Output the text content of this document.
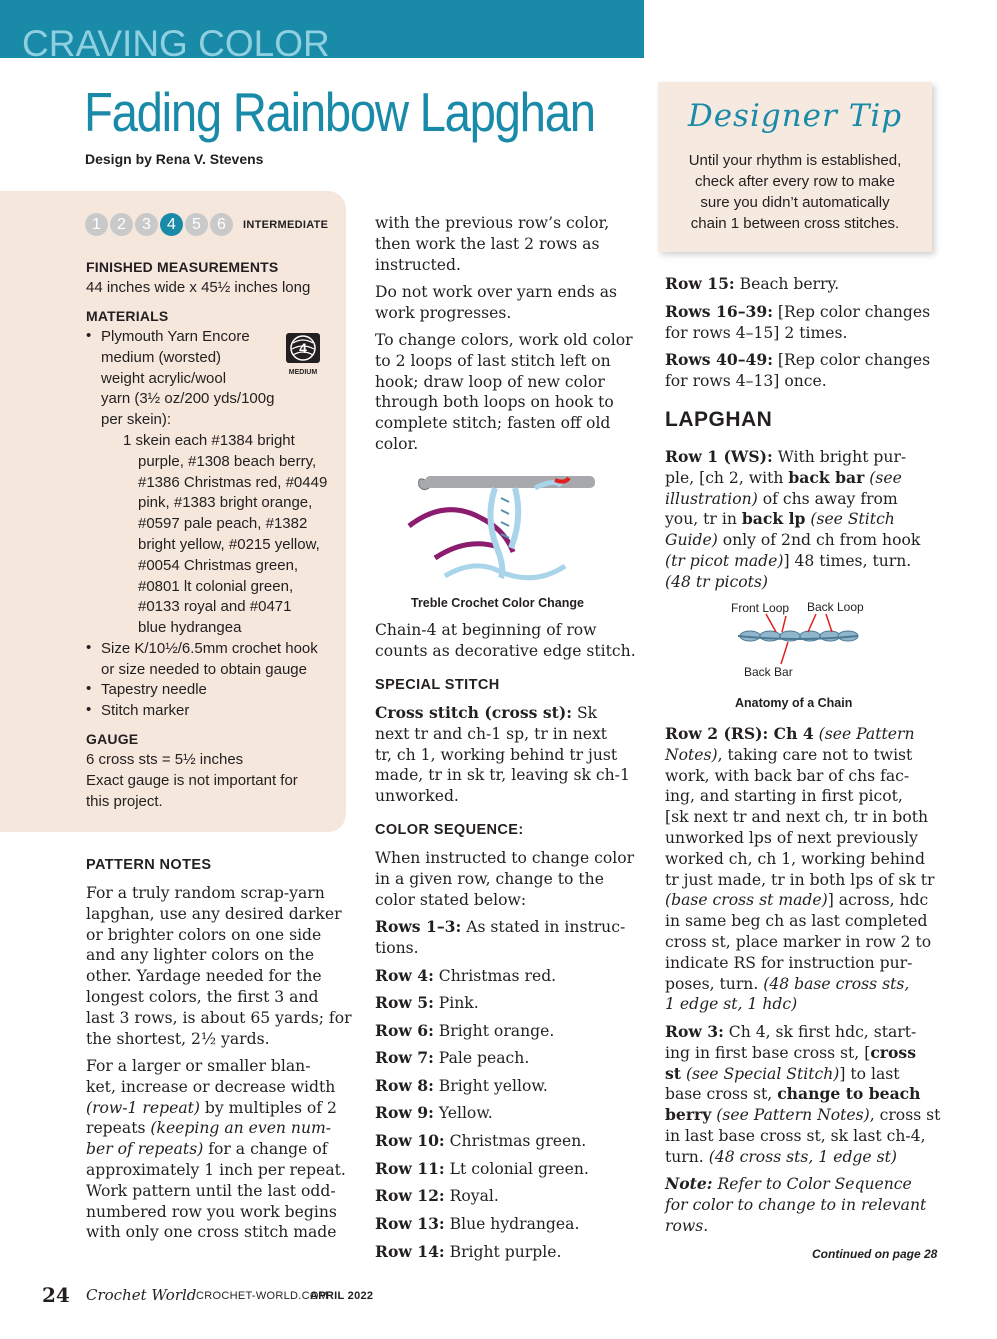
CRAVING COLOR
Fading Rainbow Lapghan
Design by Rena V. Stevens
1	2	3	4	5	6	INTERMEDIATE
FINISHED MEASUREMENTS
44 inches wide x 45½ inches long
MATERIALS
• Plymouth Yarn Encore
medium (worsted)
weight acrylic/wool
yarn (3½ oz/200 yds/100g
per skein):
4
MEDIUM
1 skein each #1384 bright
purple, #1308 beach berry,
#1386 Christmas red, #0449
pink, #1383 bright orange,
#0597 pale peach, #1382
bright yellow, #0215 yellow,
#0054 Christmas green,
#0801 lt colonial green,
#0133 royal and #0471
blue hydrangea
• Size K/10½/6.5mm crochet hook
or size needed to obtain gauge
• Tapestry needle
• Stitch marker
GAUGE
6 cross sts = 5½ inches
Exact gauge is not important for
this project.
PATTERN NOTES
For a truly random scrap-yarn
lapghan, use any desired darker
or brighter colors on one side
and any lighter colors on the
other. Yardage needed for the
longest colors, the first 3 and
last 3 rows, is about 65 yards; for
the shortest, 2½ yards.
For a larger or smaller blan-
ket, increase or decrease width
(row-1 repeat) by multiples of 2
repeats (keeping an even num-
ber of repeats) for a change of
approximately 1 inch per repeat.
Work pattern until the last odd-
numbered row you work begins
with only one cross stitch made
with the previous row’s color,
then work the last 2 rows as
instructed.
Do not work over yarn ends as
work progresses.
To change colors, work old color
to 2 loops of last stitch left on
hook; draw loop of new color
through both loops on hook to
complete stitch; fasten off old
color.
Treble Crochet Color Change
Chain-4 at beginning of row
counts as decorative edge stitch.
SPECIAL STITCH
Cross stitch (cross st): Sk
next tr and ch-1 sp, tr in next
tr, ch 1, working behind tr just
made, tr in sk tr, leaving sk ch-1
unworked.
COLOR SEQUENCE:
When instructed to change color
in a given row, change to the
color stated below:
Rows 1–3: As stated in instruc-
tions.
Row 4: Christmas red.
Row 5: Pink.
Row 6: Bright orange.
Row 7: Pale peach.
Row 8: Bright yellow.
Row 9: Yellow.
Row 10: Christmas green.
Row 11: Lt colonial green.
Row 12: Royal.
Row 13: Blue hydrangea.
Row 14: Bright purple.
Designer Tip
Until your rhythm is established,
check after every row to make
sure you didn’t automatically
chain 1 between cross stitches.
Row 15: Beach berry.
Rows 16–39: [Rep color changes
for rows 4–15] 2 times.
Rows 40–49: [Rep color changes
for rows 4–13] once.
LAPGHAN
Row 1 (WS): With bright pur-
ple, [ch 2, with back bar (see
illustration) of chs away from
you, tr in back lp (see Stitch
Guide) only of 2nd ch from hook
(tr picot made)] 48 times, turn.
(48 tr picots)
Front Loop Back Loop
Back Bar
Anatomy of a Chain
Row 2 (RS): Ch 4 (see Pattern
Notes), taking care not to twist
work, with back bar of chs fac-
ing, and starting in first picot,
[sk next tr and next ch, tr in both
unworked lps of next previously
worked ch, ch 1, working behind
tr just made, tr in both lps of sk tr
(base cross st made)] across, hdc
in same beg ch as last completed
cross st, place marker in row 2 to
indicate RS for instruction pur-
poses, turn. (48 base cross sts,
1 edge st, 1 hdc)
Row 3: Ch 4, sk first hdc, start-
ing in first base cross st, [cross
st (see Special Stitch)] to last
base cross st, change to beach
berry (see Pattern Notes), cross st
in last base cross st, sk last ch-4,
turn. (48 cross sts, 1 edge st)
Note: Refer to Color Sequence
for color to change to in relevant
rows.
Continued on page 28
24 Crochet World CROCHET-WORLD.COM
APRIL 2022
